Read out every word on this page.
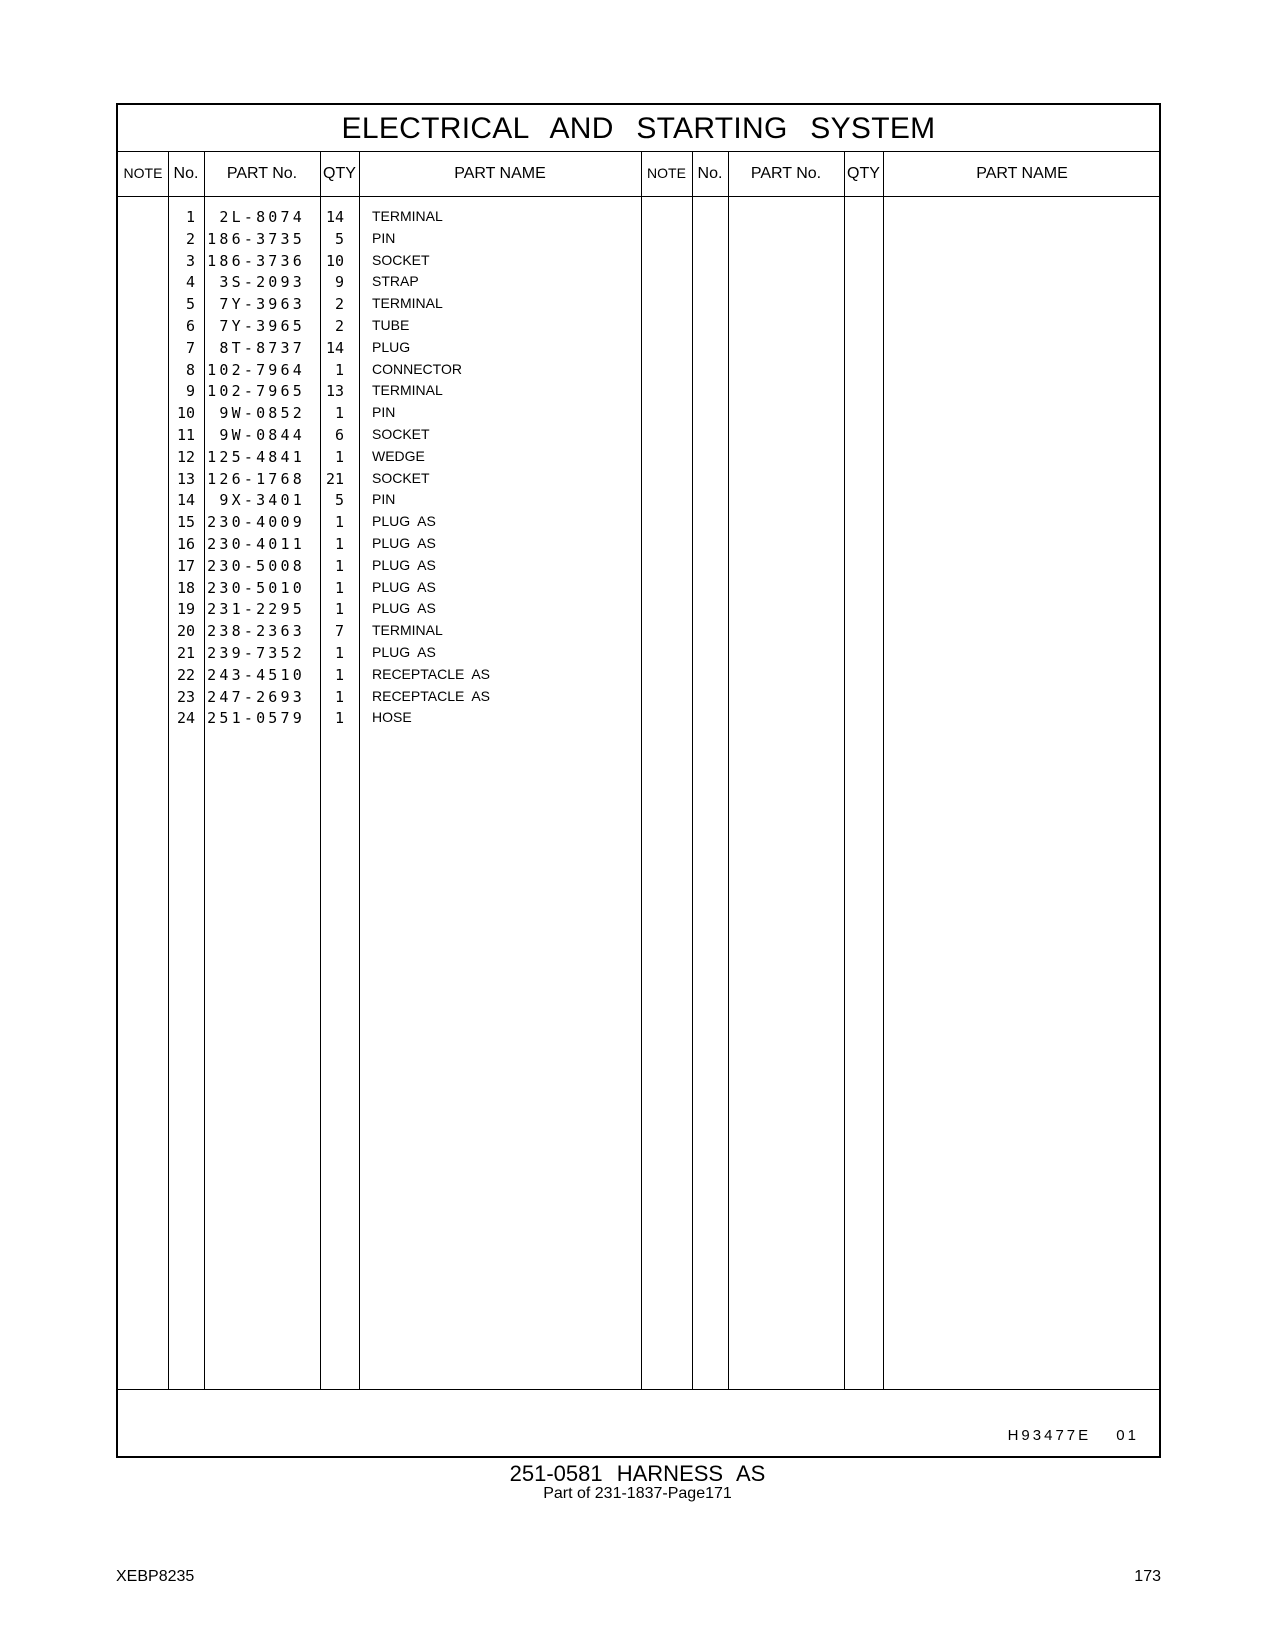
ELECTRICAL AND STARTING SYSTEM
NOTE No.	PART No.	QTY	PART NAME	NOTE No.	PART No.	QTY	PART NAME
1	2L-8074	14 TERMINAL
2 186-3735	5 PIN
3 186-3736	10 SOCKET
4	3S-2093	9 STRAP
5	7Y-3963	2 TERMINAL
6	7Y-3965	2 TUBE
7	8T-8737	14 PLUG
8 102-7964	1 CONNECTOR
9 102-7965	13 TERMINAL
10	9W-0852	1 PIN
11	9W-0844	6 SOCKET
12 125-4841	1 WEDGE
13 126-1768	21 SOCKET
14	9X-3401	5 PIN
15 230-4009	1 PLUG  AS
16 230-4011	1 PLUG  AS
17 230-5008	1 PLUG  AS
18 230-5010	1 PLUG  AS
19 231-2295	1 PLUG  AS
20 238-2363	7 TERMINAL
21 239-7352	1 PLUG  AS
22 243-4510	1 RECEPTACLE  AS
23 247-2693	1 RECEPTACLE  AS
24 251-0579	1 HOSE
H93477E 01
251-0581 HARNESS AS
Part of 231-1837-Page171
XEBP8235	173
